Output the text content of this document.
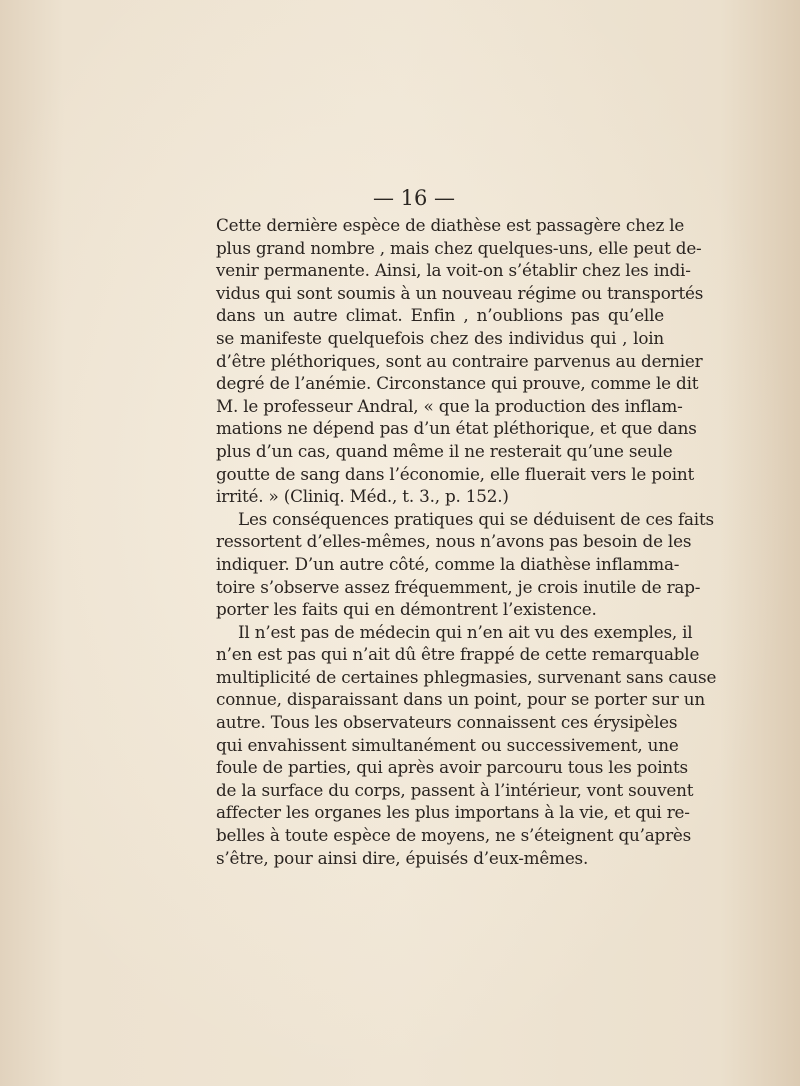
— 16 —

Cette dernière espèce de diathèse est passagère chez le
plus grand nombre , mais chez quelques-uns, elle peut de-
venir permanente. Ainsi, la voit-on s’établir chez les indi-
vidus qui sont soumis à un nouveau régime ou transportés
dans un autre climat. Enfin , n’oublions pas qu’elle
se manifeste quelquefois chez des individus qui , loin
d’être pléthoriques, sont au contraire parvenus au dernier
degré de l’anémie. Circonstance qui prouve, comme le dit
M. le professeur Andral, « que la production des inflam-
mations ne dépend pas d’un état pléthorique, et que dans
plus d’un cas, quand même il ne resterait qu’une seule
goutte de sang dans l’économie, elle fluerait vers le point
irrité. » (Cliniq. Méd., t. 3., p. 152.)
Les conséquences pratiques qui se déduisent de ces faits
ressortent d’elles-mêmes, nous n’avons pas besoin de les
indiquer. D’un autre côté, comme la diathèse inflamma-
toire s’observe assez fréquemment, je crois inutile de rap-
porter les faits qui en démontrent l’existence.
Il n’est pas de médecin qui n’en ait vu des exemples, il
n’en est pas qui n’ait dû être frappé de cette remarquable
multiplicité de certaines phlegmasies, survenant sans cause
connue, disparaissant dans un point, pour se porter sur un
autre. Tous les observateurs connaissent ces érysipèles
qui envahissent simultanément ou successivement, une
foule de parties, qui après avoir parcouru tous les points
de la surface du corps, passent à l’intérieur, vont souvent
affecter les organes les plus importans à la vie, et qui re-
belles à toute espèce de moyens, ne s’éteignent qu’après
s’être, pour ainsi dire, épuisés d’eux-mêmes.
